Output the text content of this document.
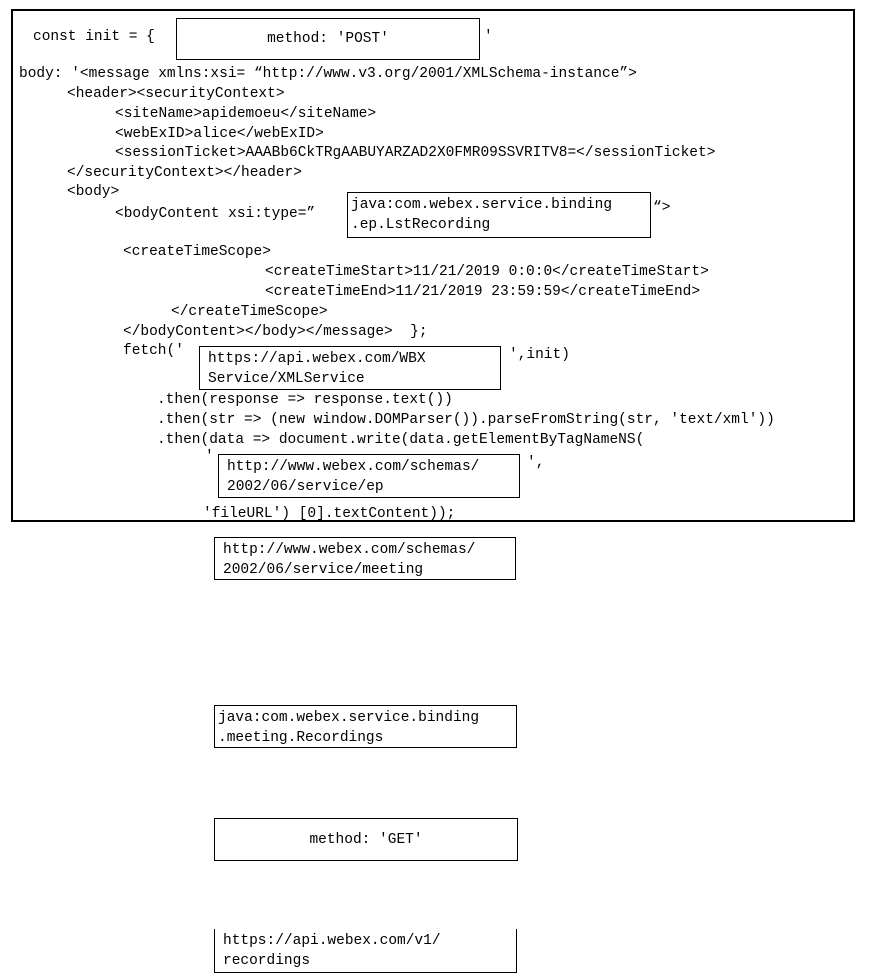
const init = {	method: 'POST'	'
body: '<message xmlns:xsi= “http://www.v3.org/2001/XMLSchema-instance”>
<header><securityContext>
<siteName>apidemoeu</siteName>
<webExID>alice</webExID>
<sessionTicket>AAABb6CkTRgAABUYARZAD2X0FMR09SSVRITV8=</sessionTicket>
</securityContext></header>
<body>
<bodyContent xsi:type=”
java:com.webex.service.binding
.ep.LstRecording
“>
<createTimeScope>
<createTimeStart>11/21/2019 0:0:0</createTimeStart>
<createTimeEnd>11/21/2019 23:59:59</createTimeEnd>
</createTimeScope>
</bodyContent></body></message>  };
fetch('	https://api.webex.com/WBX
Service/XMLService
',init)
.then(response => response.text())
.then(str => (new window.DOMParser()).parseFromString(str, 'text/xml'))
.then(data => document.write(data.getElementByTagNameNS(
'
http://www.webex.com/schemas/
2002/06/service/ep
',
'fileURL') [0].textContent));
http://www.webex.com/schemas/
2002/06/service/meeting
java:com.webex.service.binding
.meeting.Recordings
method: 'GET'
https://api.webex.com/v1/
recordings
